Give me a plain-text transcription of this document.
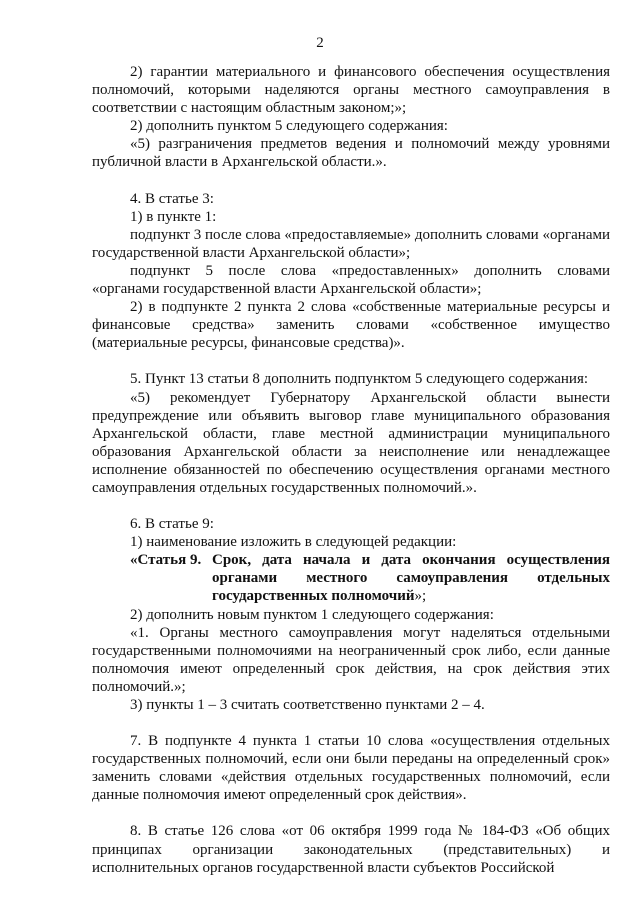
2

2) гарантии материального и финансового обеспечения осуществления полномочий, которыми наделяются органы местного самоуправления в соответствии с настоящим областным законом;»;

2) дополнить пунктом 5 следующего содержания:

«5) разграничения предметов ведения и полномочий между уровнями публичной власти в Архангельской области.».

4. В статье 3:

1) в пункте 1:

подпункт 3 после слова «предоставляемые» дополнить словами «органами государственной власти Архангельской области»;

подпункт 5 после слова «предоставленных» дополнить словами «органами государственной власти Архангельской области»;

2) в подпункте 2 пункта 2 слова «собственные материальные ресурсы и финансовые средства» заменить словами «собственное имущество (материальные ресурсы, финансовые средства)».

5. Пункт 13 статьи 8 дополнить подпунктом 5 следующего содержания:

«5) рекомендует Губернатору Архангельской области вынести предупреждение или объявить выговор главе муниципального образования Архангельской области, главе местной администрации муниципального образования Архангельской области за неисполнение или ненадлежащее исполнение обязанностей по обеспечению осуществления органами местного самоуправления отдельных государственных полномочий.».

6. В статье 9:

1) наименование изложить в следующей редакции:

«Статья 9. Срок, дата начала и дата окончания осуществления органами местного самоуправления отдельных государственных полномочий»;

2) дополнить новым пунктом 1 следующего содержания:

«1. Органы местного самоуправления могут наделяться отдельными государственными полномочиями на неограниченный срок либо, если данные полномочия имеют определенный срок действия, на срок действия этих полномочий.»;

3) пункты 1 – 3 считать соответственно пунктами 2 – 4.

7. В подпункте 4 пункта 1 статьи 10 слова «осуществления отдельных государственных полномочий, если они были переданы на определенный срок» заменить словами «действия отдельных государственных полномочий, если данные полномочия имеют определенный срок действия».

8. В статье 126 слова «от 06 октября 1999 года № 184-ФЗ «Об общих принципах организации законодательных (представительных) и исполнительных органов государственной власти субъектов Российской
